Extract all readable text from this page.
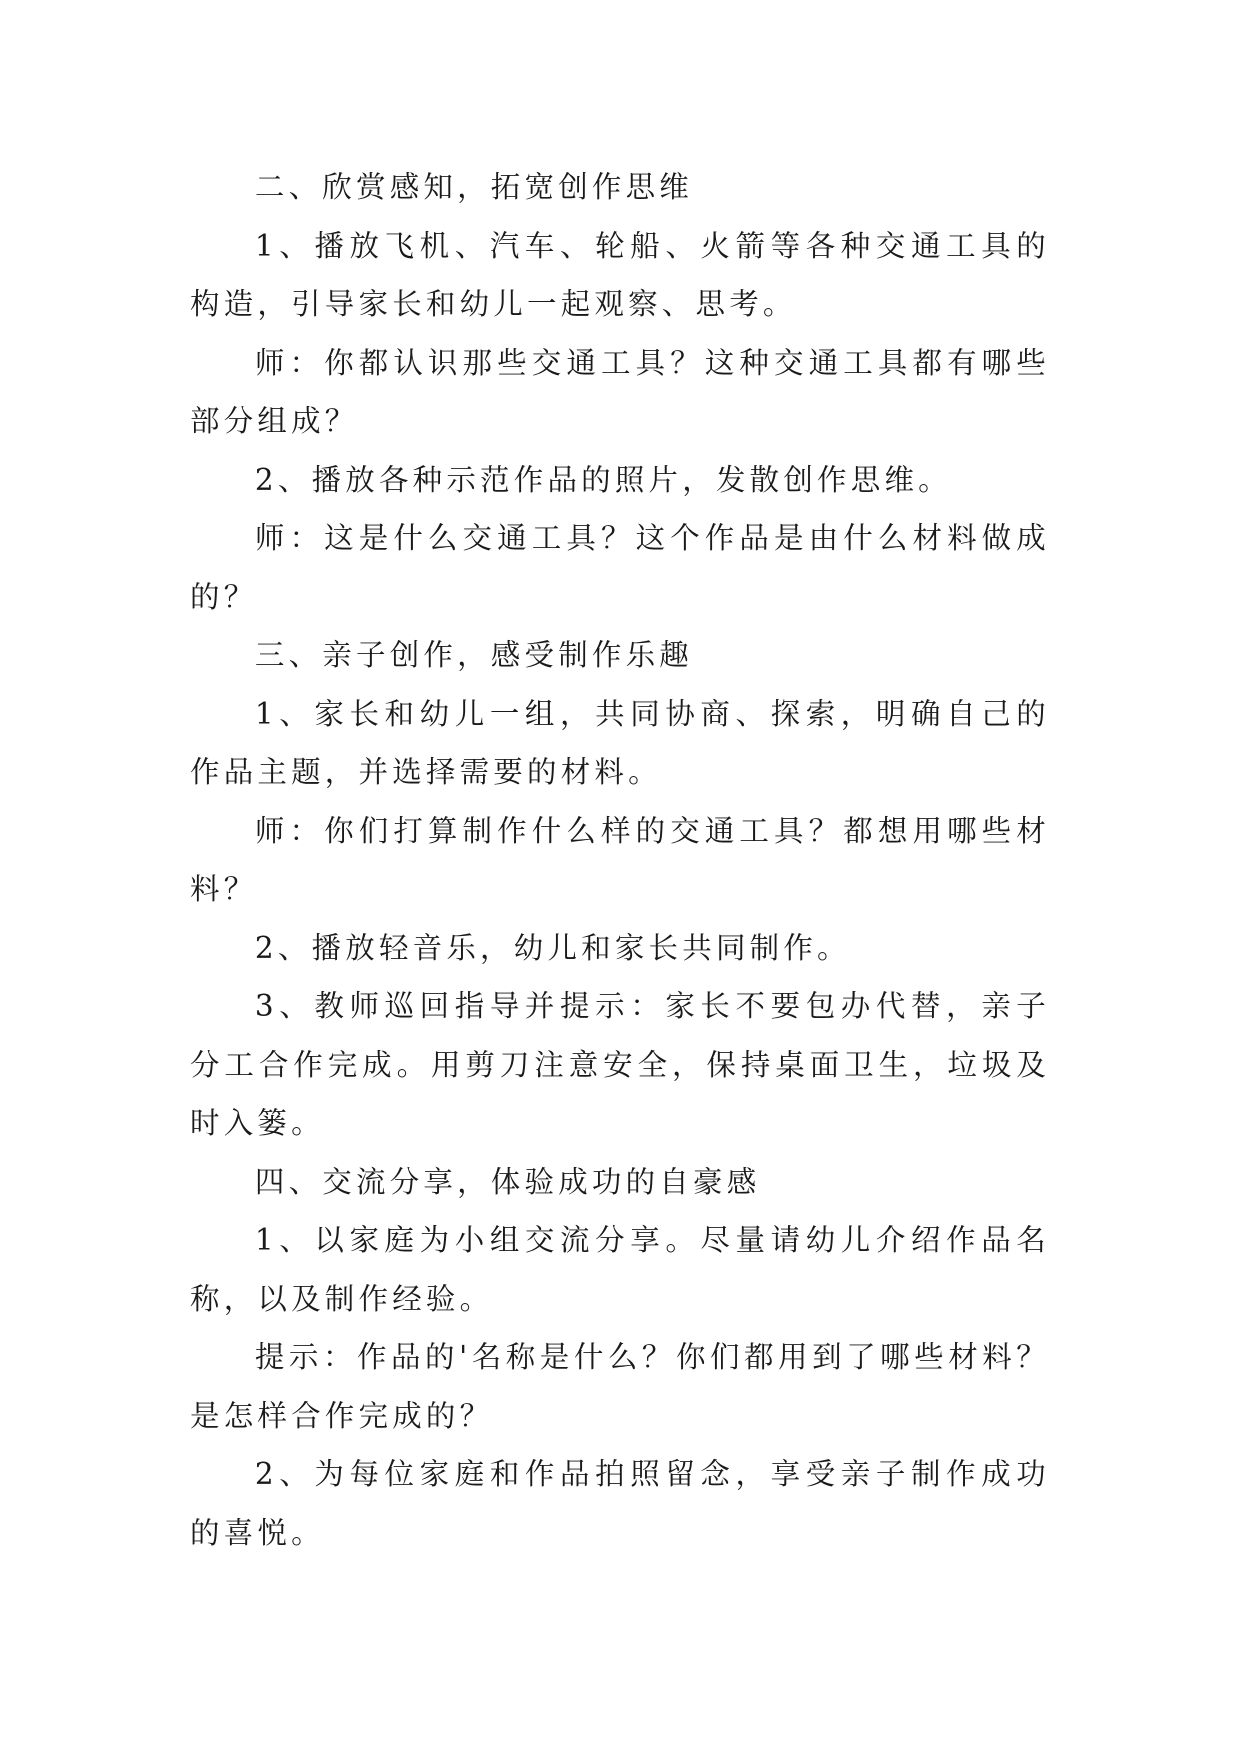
二、欣赏感知，拓宽创作思维

1、播放飞机、汽车、轮船、火箭等各种交通工具的构造，引导家长和幼儿一起观察、思考。

师：你都认识那些交通工具？这种交通工具都有哪些部分组成？

2、播放各种示范作品的照片，发散创作思维。

师：这是什么交通工具？这个作品是由什么材料做成的？

三、亲子创作，感受制作乐趣

1、家长和幼儿一组，共同协商、探索，明确自己的作品主题，并选择需要的材料。

师：你们打算制作什么样的交通工具？都想用哪些材料？

2、播放轻音乐，幼儿和家长共同制作。

3、教师巡回指导并提示：家长不要包办代替，亲子分工合作完成。用剪刀注意安全，保持桌面卫生，垃圾及时入篓。

四、交流分享，体验成功的自豪感

1、以家庭为小组交流分享。尽量请幼儿介绍作品名称，以及制作经验。

提示：作品的'名称是什么？你们都用到了哪些材料？是怎样合作完成的？

2、为每位家庭和作品拍照留念，享受亲子制作成功的喜悦。
